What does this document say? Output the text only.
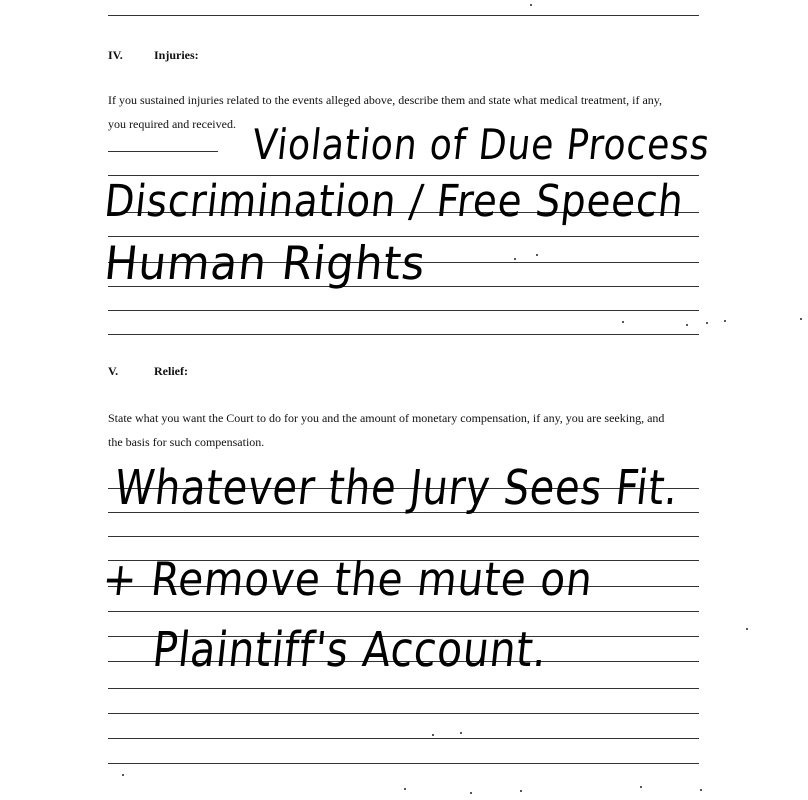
IV.	Injuries:
If you sustained injuries related to the events alleged above, describe them and state what medical treatment, if any,
you required and received. Violation of Due Process
Discrimination / Free Speech
Human Rights
V.	Relief:
State what you want the Court to do for you and the amount of monetary compensation, if any, you are seeking, and
the basis for such compensation.
Whatever the Jury Sees Fit.
+ Remove the mute on
Plaintiff's Account.
